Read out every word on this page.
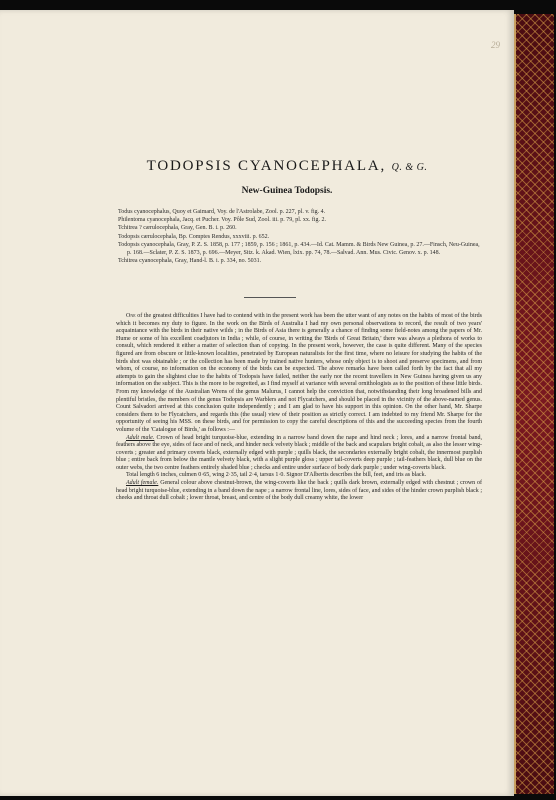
29
TODOPSIS CYANOCEPHALA, Q. & G.
New-Guinea Todopsis.

Todus cyanocephalus, Quoy et Gaimard, Voy. de l'Astrolabe, Zool. p. 227, pl. v. fig. 4.

Philentoma cyanocephala, Jacq. et Pucher. Voy. Pôle Sud, Zool. iii. p. 79, pl. xx. fig. 2.

Tchitrea ? cærulocephala, Gray, Gen. B. i. p. 260.

Todopsis cærulocephala, Bp. Comptes Rendus, xxxviii. p. 652.

Todopsis cyanocephala, Gray, P. Z. S. 1858, p. 177 ; 1859, p. 156 ; 1861, p. 434.—Id. Cat. Mamm. & Birds New Guinea, p. 27.—Finsch, Neu-Guinea, p. 168.—Sclater, P. Z. S. 1873, p. 696.—Meyer, Sitz. k. Akad. Wien, lxix. pp. 74, 78.—Salvad. Ann. Mus. Civic. Genov. x. p. 148.

Tchitrea cyanocephala, Gray, Hand-l. B. i. p. 334, no. 5031.

One of the greatest difficulties I have had to contend with in the present work has been the utter want of any notes on the habits of most of the birds which it becomes my duty to figure. In the work on the Birds of Australia I had my own personal observations to record, the result of two years' acquaintance with the birds in their native wilds ; in the Birds of Asia there is generally a chance of finding some field-notes among the papers of Mr. Hume or some of his excellent coadjutors in India ; while, of course, in writing the 'Birds of Great Britain,' there was always a plethora of works to consult, which rendered it either a matter of selection than of copying. In the present work, however, the case is quite different. Many of the species figured are from obscure or little-known localities, penetrated by European naturalists for the first time, where no leisure for studying the habits of the birds shot was obtainable ; or the collection has been made by trained native hunters, whose only object is to shoot and preserve specimens, and from whom, of course, no information on the economy of the birds can be expected. The above remarks have been called forth by the fact that all my attempts to gain the slightest clue to the habits of Todopsis have failed, neither the early nor the recent travellers in New Guinea having given us any information on the subject. This is the more to be regretted, as I find myself at variance with several ornithologists as to the position of these little birds. From my knowledge of the Australian Wrens of the genus Malurus, I cannot help the conviction that, notwithstanding their long broadened bills and plentiful bristles, the members of the genus Todopsis are Warblers and not Flycatchers, and should be placed in the vicinity of the above-named genus. Count Salvadori arrived at this conclusion quite independently ; and I am glad to have his support in this opinion. On the other hand, Mr. Sharpe considers them to be Flycatchers, and regards this (the usual) view of their position as strictly correct. I am indebted to my friend Mr. Sharpe for the opportunity of seeing his MSS. on these birds, and for permission to copy the careful descriptions of this and the succeeding species from the fourth volume of the 'Catalogue of Birds,' as follows :—

Adult male. Crown of head bright turquoise-blue, extending in a narrow band down the nape and hind neck ; lores, and a narrow frontal band, feathers above the eye, sides of face and of neck, and hinder neck velvety black ; middle of the back and scapulars bright cobalt, as also the lesser wing-coverts ; greater and primary coverts black, externally edged with purple ; quills black, the secondaries externally bright cobalt, the innermost purplish blue ; entire back from below the mantle velvety black, with a slight purple gloss ; upper tail-coverts deep purple ; tail-feathers black, dull blue on the outer webs, the two centre feathers entirely shaded blue ; checks and entire under surface of body dark purple ; under wing-coverts black.

Total length 6 inches, culmen 0·65, wing 2·35, tail 2·4, tarsus 1·0. Signor D'Albertis describes the bill, feet, and iris as black.

Adult female. General colour above chestnut-brown, the wing-coverts like the back ; quills dark brown, externally edged with chestnut ; crown of head bright turquoise-blue, extending in a band down the nape ; a narrow frontal line, lores, sides of face, and sides of the hinder crown purplish black ; cheeks and throat dull cobalt ; lower throat, breast, and centre of the body dull creamy white, the lower
